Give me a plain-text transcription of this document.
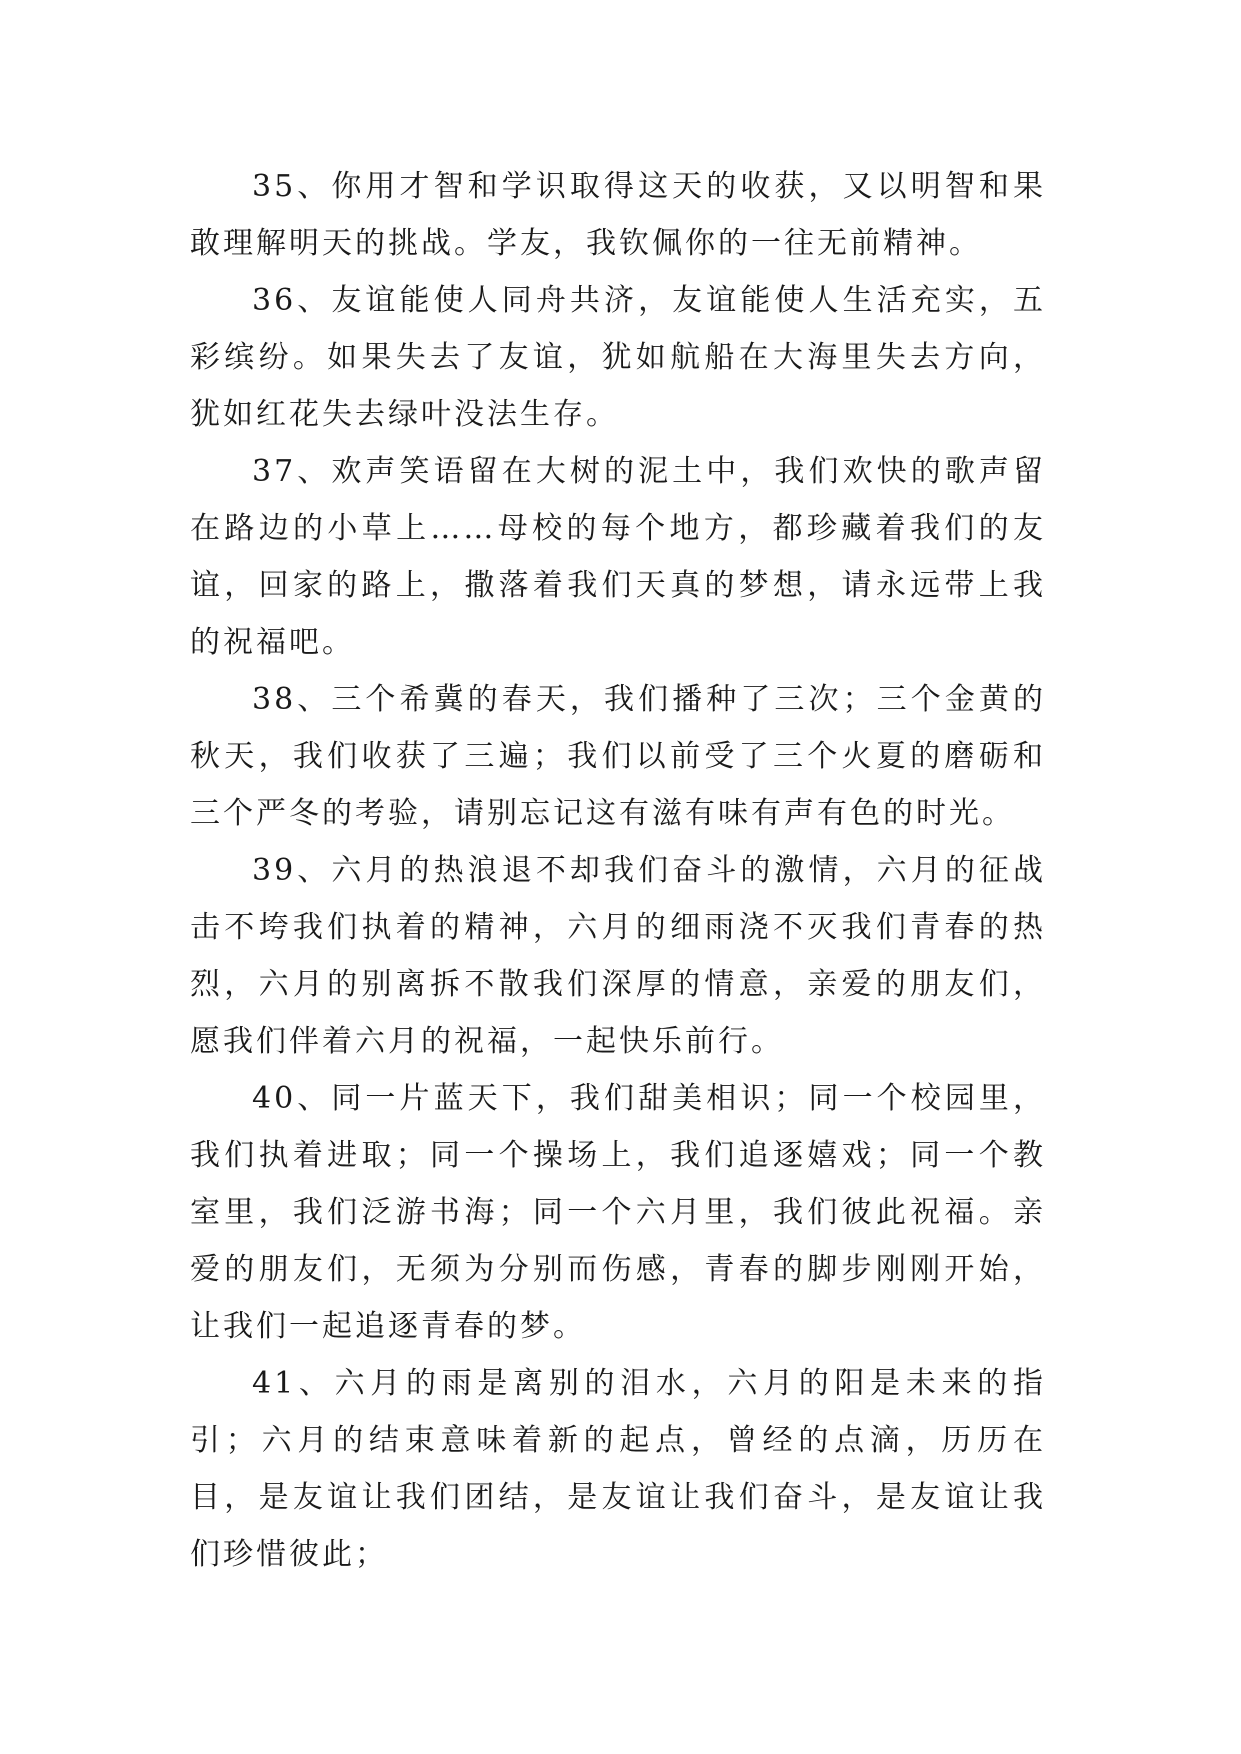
35、你用才智和学识取得这天的收获，又以明智和果敢理解明天的挑战。学友，我钦佩你的一往无前精神。

36、友谊能使人同舟共济，友谊能使人生活充实，五彩缤纷。如果失去了友谊，犹如航船在大海里失去方向，犹如红花失去绿叶没法生存。

37、欢声笑语留在大树的泥土中，我们欢快的歌声留在路边的小草上……母校的每个地方，都珍藏着我们的友谊，回家的路上，撒落着我们天真的梦想，请永远带上我的祝福吧。

38、三个希冀的春天，我们播种了三次；三个金黄的秋天，我们收获了三遍；我们以前受了三个火夏的磨砺和三个严冬的考验，请别忘记这有滋有味有声有色的时光。

39、六月的热浪退不却我们奋斗的激情，六月的征战击不垮我们执着的精神，六月的细雨浇不灭我们青春的热烈，六月的别离拆不散我们深厚的情意，亲爱的朋友们，愿我们伴着六月的祝福，一起快乐前行。

40、同一片蓝天下，我们甜美相识；同一个校园里，我们执着进取；同一个操场上，我们追逐嬉戏；同一个教室里，我们泛游书海；同一个六月里，我们彼此祝福。亲爱的朋友们，无须为分别而伤感，青春的脚步刚刚开始，让我们一起追逐青春的梦。

41、六月的雨是离别的泪水，六月的阳是未来的指引；六月的结束意味着新的起点，曾经的点滴，历历在目，是友谊让我们团结，是友谊让我们奋斗，是友谊让我们珍惜彼此；
